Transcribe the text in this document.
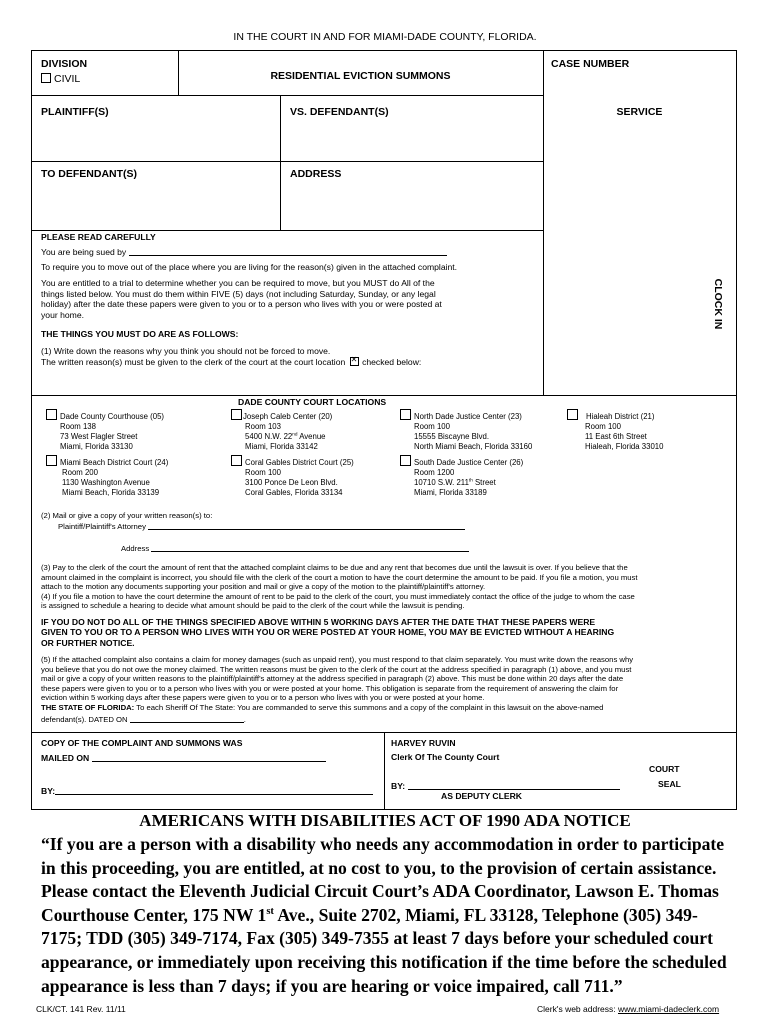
IN THE COURT IN AND FOR MIAMI-DADE COUNTY, FLORIDA.
DIVISION
CIVIL	RESIDENTIAL EVICTION SUMMONS
CASE NUMBER
PLAINTIFF(S)	VS. DEFENDANT(S)	SERVICE
TO DEFENDANT(S)	ADDRESS
CLOCK IN
PLEASE READ CAREFULLY
You are being sued by
To require you to move out of the place where you are living for the reason(s) given in the attached complaint.
You are entitled to a trial to determine whether you can be required to move, but you MUST do All of the
things listed below. You must do them within FIVE (5) days (not including Saturday, Sunday, or any legal
holiday) after the date these papers were given to you or to a person who lives with you or were posted at
your home.
THE THINGS YOU MUST DO ARE AS FOLLOWS:
(1) Write down the reasons why you think you should not be forced to move.
The written reason(s) must be given to the clerk of the court at the court location ✕ checked below:
DADE COUNTY COURT LOCATIONS
Dade County Courthouse (05)
Room 138
73 West Flagler Street
Miami, Florida 33130
Joseph Caleb Center (20)
Room 103
5400 N.W. 22nd Avenue
Miami, Florida 33142
North Dade Justice Center (23)
Room 100
15555 Biscayne Blvd.
North Miami Beach, Florida 33160
Hialeah District (21)
Room 100
11 East 6th Street
Hialeah, Florida 33010
Miami Beach District Court (24)
Room 200
1130 Washington Avenue
Miami Beach, Florida 33139
Coral Gables District Court (25)
Room 100
3100 Ponce De Leon Blvd.
Coral Gables, Florida 33134
South Dade Justice Center (26)
Room 1200
10710 S.W. 211th Street
Miami, Florida 33189
(2) Mail or give a copy of your written reason(s) to:
Plaintiff/Plaintiff's Attorney
Address
(3) Pay to the clerk of the court the amount of rent that the attached complaint claims to be due and any rent that becomes due until the lawsuit is over. If you believe that the
amount claimed in the complaint is incorrect, you should file with the clerk of the court a motion to have the court determine the amount to be paid. If you file a motion, you must
attach to the motion any documents supporting your position and mail or give a copy of the motion to the plaintiff/plaintiff's attorney.
(4) If you file a motion to have the court determine the amount of rent to be paid to the clerk of the court, you must immediately contact the office of the judge to whom the case
is assigned to schedule a hearing to decide what amount should be paid to the clerk of the court while the lawsuit is pending.
IF YOU DO NOT DO ALL OF THE THINGS SPECIFIED ABOVE WITHIN 5 WORKING DAYS AFTER THE DATE THAT THESE PAPERS WERE
GIVEN TO YOU OR TO A PERSON WHO LIVES WITH YOU OR WERE POSTED AT YOUR HOME, YOU MAY BE EVICTED WITHOUT A HEARING
OR FURTHER NOTICE.
(5) If the attached complaint also contains a claim for money damages (such as unpaid rent), you must respond to that claim separately. You must write down the reasons why
you believe that you do not owe the money claimed. The written reasons must be given to the clerk of the court at the address specified in paragraph (1) above, and you must
mail or give a copy of your written reasons to the plaintiff/plaintiff's attorney at the address specified in paragraph (2) above. This must be done within 20 days after the date
these papers were given to you or to a person who lives with you or were posted at your home. This obligation is separate from the requirement of answering the claim for
eviction within 5 working days after these papers were given to you or to a person who lives with you or were posted at your home.
THE STATE OF FLORIDA: To each Sheriff Of The State: You are commanded to serve this summons and a copy of the complaint in this lawsuit on the above-named
defendant(s). DATED ON	.
COPY OF THE COMPLAINT AND SUMMONS WAS
MAILED ON
BY:
HARVEY RUVIN
Clerk Of The County Court
BY:
AS DEPUTY CLERK
COURT
SEAL
AMERICANS WITH DISABILITIES ACT OF 1990 ADA NOTICE
“If you are a person with a disability who needs any accommodation in order to participate
in this proceeding, you are entitled, at no cost to you, to the provision of certain assistance.
Please contact the Eleventh Judicial Circuit Court’s ADA Coordinator, Lawson E. Thomas
Courthouse Center, 175 NW 1st Ave., Suite 2702, Miami, FL 33128, Telephone (305) 349-
7175; TDD (305) 349-7174, Fax (305) 349-7355 at least 7 days before your scheduled court
appearance, or immediately upon receiving this notification if the time before the scheduled
appearance is less than 7 days; if you are hearing or voice impaired, call 711.”
CLK/CT. 141 Rev. 11/11	Clerk's web address: www.miami-dadeclerk.com
